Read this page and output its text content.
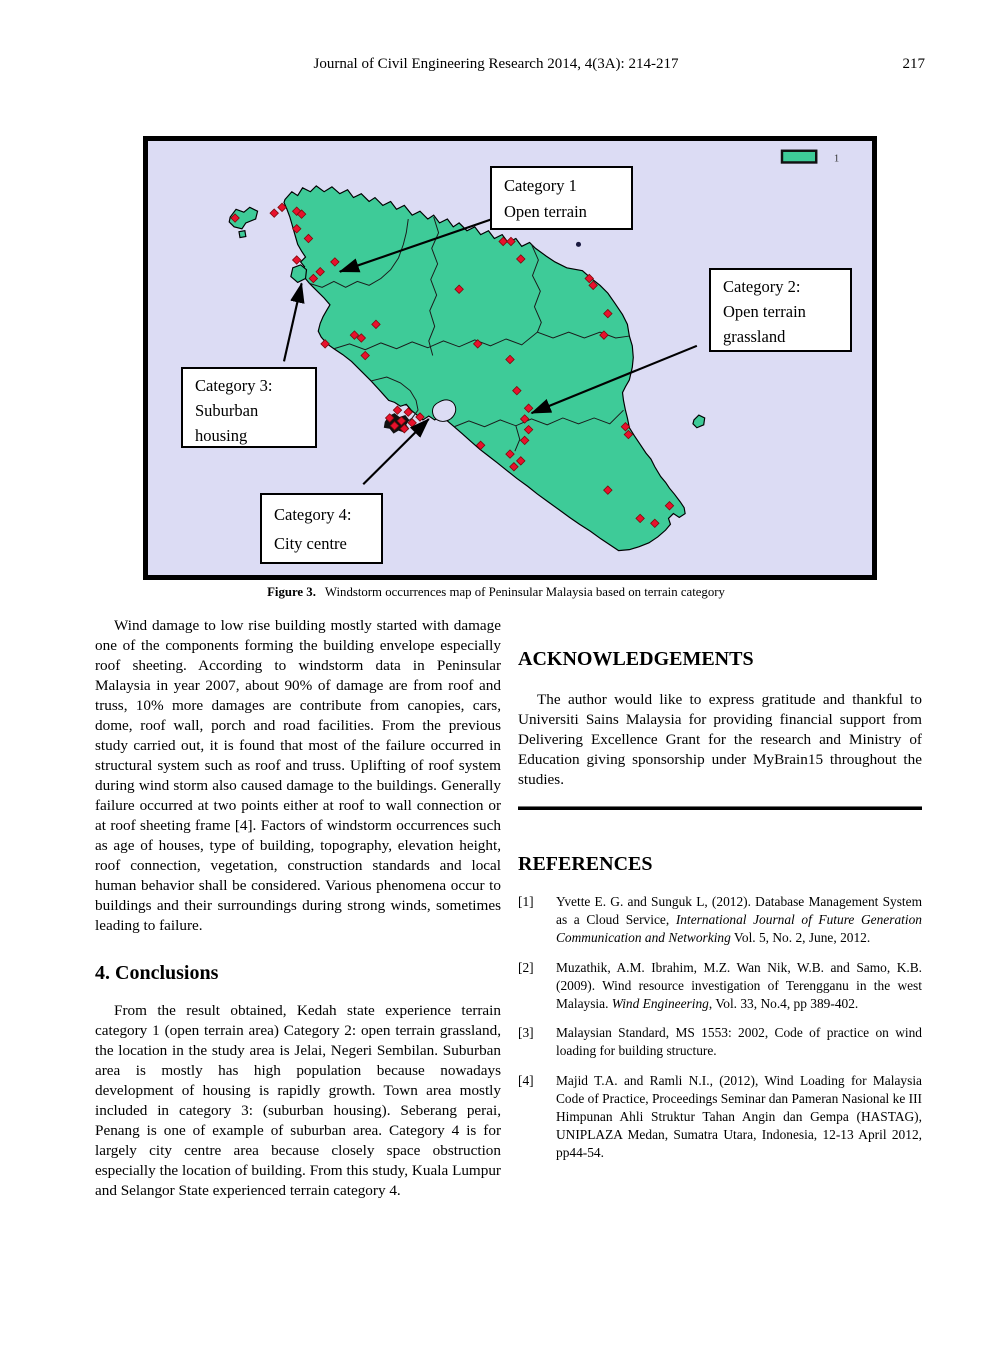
Journal of Civil Engineering Research 2014, 4(3A): 214-217	217
1
Category 1
Open terrain
Category 2:
Open terrain
grassland
Category 3:
Suburban
housing
Category 4:
City centre
Figure 3. Windstorm occurrences map of Peninsular Malaysia based on terrain category

Wind damage to low rise building mostly started with damage one of the components forming the building envelope especially roof sheeting. According to windstorm data in Peninsular Malaysia in year 2007, about 90% of damage are from roof and truss, 10% more damages are contribute from canopies, cars, dome, roof wall, porch and road facilities. From the previous study carried out, it is found that most of the failure occurred in structural system such as roof and truss. Uplifting of roof system during wind storm also caused damage to the buildings. Generally failure occurred at two points either at roof to wall connection or at roof sheeting frame [4]. Factors of windstorm occurrences such as age of houses, type of building, topography, elevation height, roof connection, vegetation, construction standards and local human behavior shall be considered. Various phenomena occur to buildings and their surroundings during strong winds, sometimes leading to failure.

4. Conclusions

From the result obtained, Kedah state experience terrain category 1 (open terrain area) Category 2: open terrain grassland, the location in the study area is Jelai, Negeri Sembilan. Suburban area is mostly has high population because nowadays development of housing is rapidly growth. Town area mostly included in category 3: (suburban housing). Seberang perai, Penang is one of example of suburban area. Category 4 is for largely city centre area because closely space obstruction especially the location of building. From this study, Kuala Lumpur and Selangor State experienced terrain category 4.

ACKNOWLEDGEMENTS

The author would like to express gratitude and thankful to Universiti Sains Malaysia for providing financial support from Delivering Excellence Grant for the research and Ministry of Education giving sponsorship under MyBrain15 throughout the studies.

REFERENCES
[1]	Yvette E. G. and Sunguk L, (2012). Database Management System as a Cloud Service, International Journal of Future Generation Communication and Networking Vol. 5, No. 2, June, 2012.
[2]	Muzathik, A.M. Ibrahim, M.Z. Wan Nik, W.B. and Samo, K.B. (2009). Wind resource investigation of Terengganu in the west Malaysia. Wind Engineering, Vol. 33, No.4, pp 389-402.
[3]	Malaysian Standard, MS 1553: 2002, Code of practice on wind loading for building structure.
[4]	Majid T.A. and Ramli N.I., (2012), Wind Loading for Malaysia Code of Practice, Proceedings Seminar dan Pameran Nasional ke III Himpunan Ahli Struktur Tahan Angin dan Gempa (HASTAG), UNIPLAZA Medan, Sumatra Utara, Indonesia, 12-13 April 2012, pp44-54.
